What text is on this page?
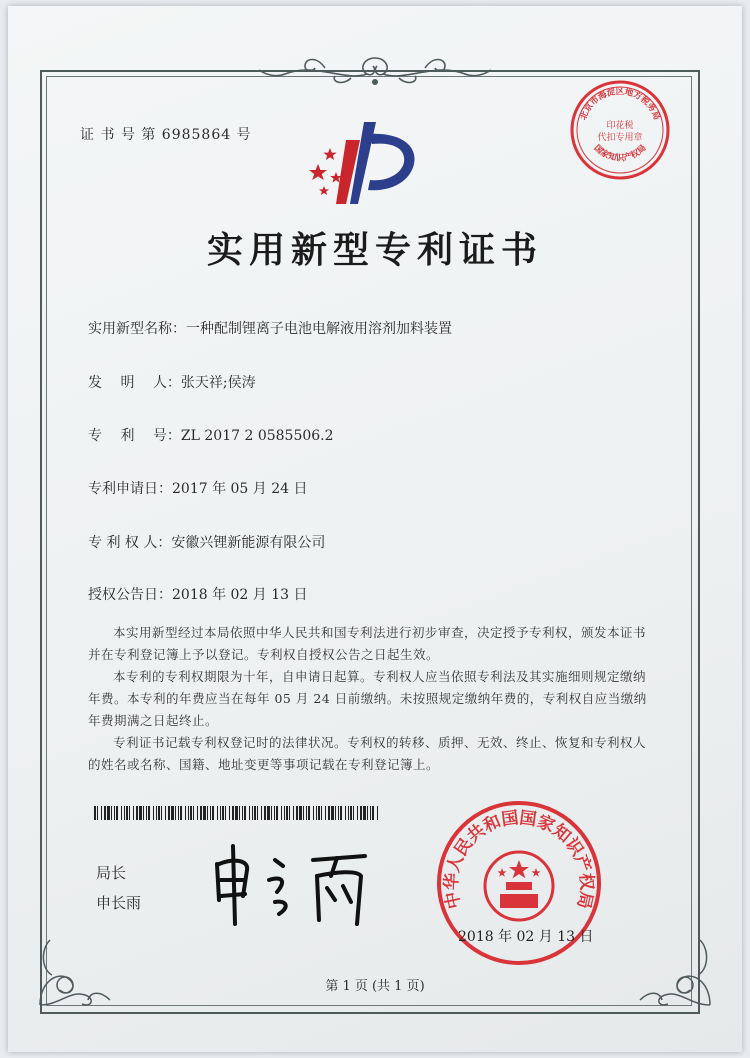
证 书 号 第 6985864 号
北京市海淀区地方税务局
印花税
代扣专用章
国家知识产权局
实用新型专利证书
实用新型名称：一种配制锂离子电池电解液用溶剂加料装置
发　 明 　人：张天祥;侯涛
专　 利 　号：ZL 2017 2 0585506.2
专利申请日：2017 年 05 月 24 日
专 利 权 人：安徽兴锂新能源有限公司
授权公告日：2018 年 02 月 13 日

本实用新型经过本局依照中华人民共和国专利法进行初步审查，决定授予专利权，颁发本证书并在专利登记簿上予以登记。专利权自授权公告之日起生效。

本专利的专利权期限为十年，自申请日起算。专利权人应当依照专利法及其实施细则规定缴纳年费。本专利的年费应当在每年 05 月 24 日前缴纳。未按照规定缴纳年费的，专利权自应当缴纳年费期满之日起终止。

专利证书记载专利权登记时的法律状况。专利权的转移、质押、无效、终止、恢复和专利权人的姓名或名称、国籍、地址变更等事项记载在专利登记簿上。

局长
申长雨	中华人民共和国国家知识产权局
2018 年 02 月 13 日
第 1 页 (共 1 页)
